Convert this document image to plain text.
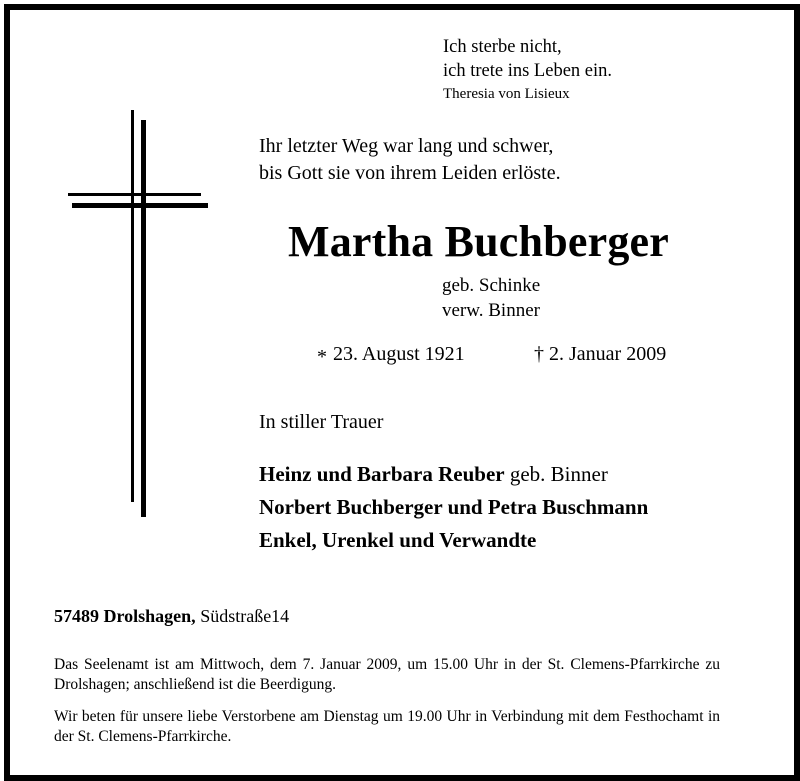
Ich sterbe nicht,
ich trete ins Leben ein.
Theresia von Lisieux
Ihr letzter Weg war lang und schwer,
bis Gott sie von ihrem Leiden erlöste.
Martha Buchberger
geb. Schinke
verw. Binner
* 23. August 1921	† 2. Januar 2009
In stiller Trauer
Heinz und Barbara Reuber geb. Binner
Norbert Buchberger und Petra Buschmann
Enkel, Urenkel und Verwandte
57489 Drolshagen, Südstraße14
Das Seelenamt ist am Mittwoch, dem 7. Januar 2009, um 15.00 Uhr in der St. Clemens-Pfarrkirche zu Drolshagen; anschließend ist die Beerdigung.
Wir beten für unsere liebe Verstorbene am Dienstag um 19.00 Uhr in Verbindung mit dem Festhochamt in der St. Clemens-Pfarrkirche.
